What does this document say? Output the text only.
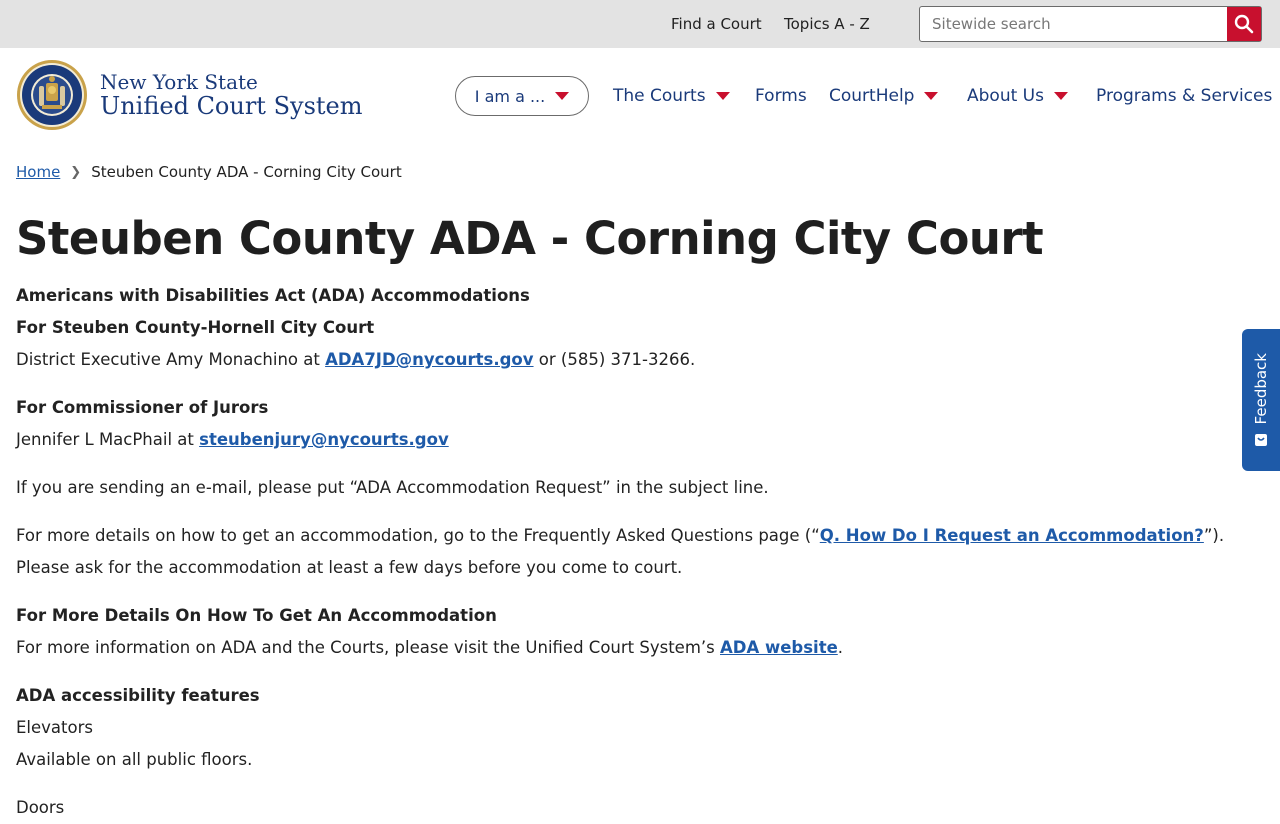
Find a Court Topics A - Z
Sitewide search
New York State
Unified Court System	I am a ...	The Courts	Forms CourtHelp	About Us	Programs & Services
Home ❯ Steuben County ADA - Corning City Court
Steuben County ADA - Corning City Court

Americans with Disabilities Act (ADA) Accommodations

For Steuben County-Hornell City Court

District Executive Amy Monachino at ADA7JD@nycourts.gov or (585) 371-3266.

For Commissioner of Jurors

Jennifer L MacPhail at steubenjury@nycourts.gov

If you are sending an e-mail, please put “ADA Accommodation Request” in the subject line.

For more details on how to get an accommodation, go to the Frequently Asked Questions page (“Q. How Do I Request an Accommodation?”). Please ask for the accommodation at least a few days before you come to court.

For More Details On How To Get An Accommodation

For more information on ADA and the Courts, please visit the Unified Court System’s ADA website.

ADA accessibility features

Elevators

Available on all public floors.

Doors

Feedback
